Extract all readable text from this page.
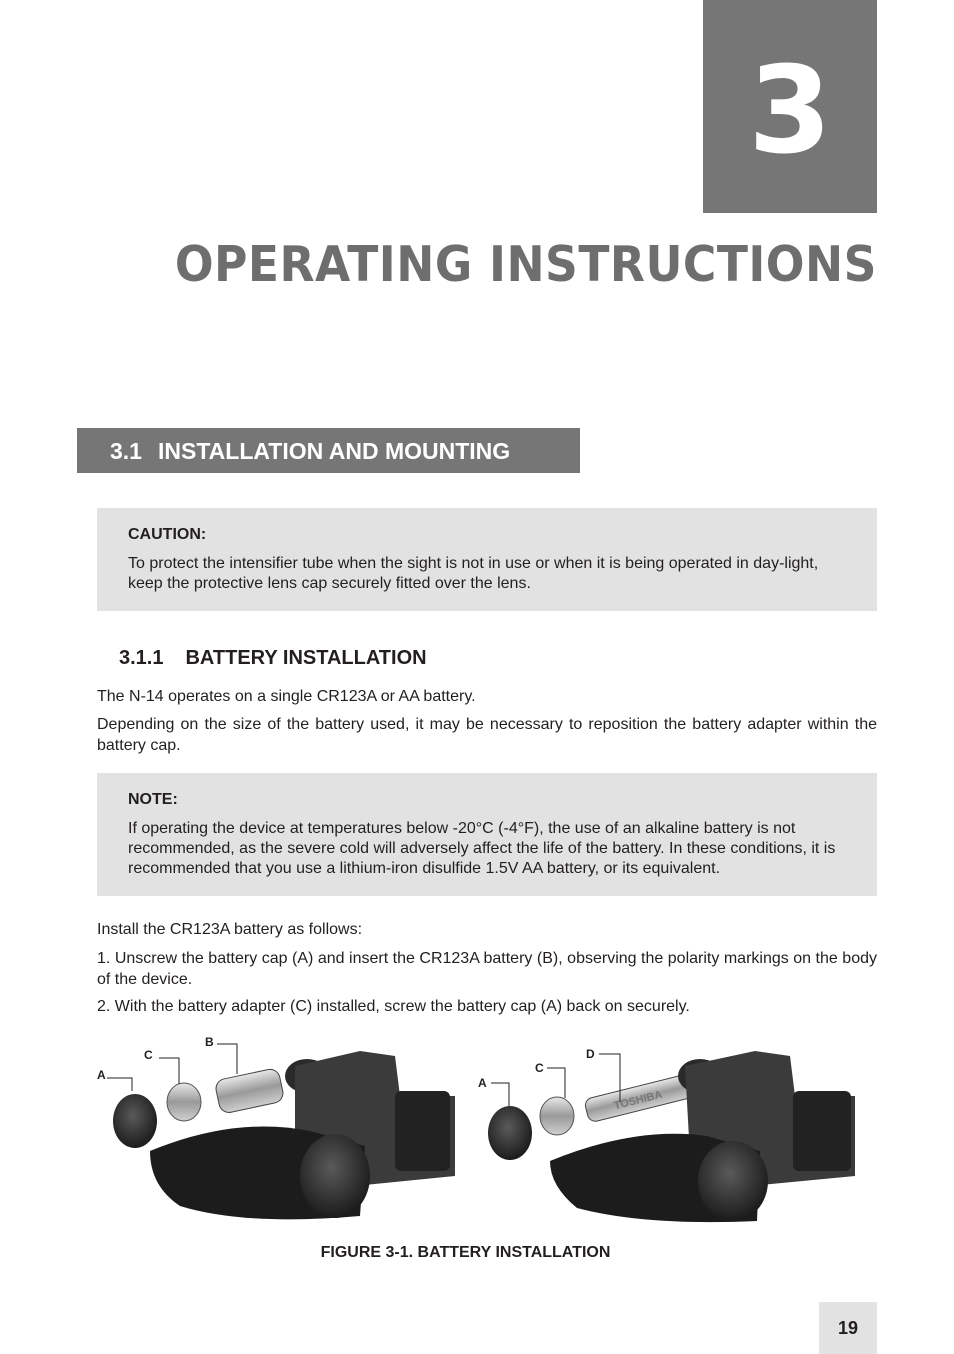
3
OPERATING INSTRUCTIONS
3.1 INSTALLATION AND MOUNTING
CAUTION:
To protect the intensifier tube when the sight is not in use or when it is being operated in day-light, keep the protective lens cap securely fitted over the lens.
3.1.1 BATTERY INSTALLATION
The N-14 operates on a single CR123A or AA battery.
Depending on the size of the battery used, it may be necessary to reposition the battery adapter within the battery cap.
NOTE:
If operating the device at temperatures below -20°C (-4°F), the use of an alkaline battery is not recommended, as the severe cold will adversely affect the life of the battery. In these conditions, it is recommended that you use a lithium-iron disulfide 1.5V AA battery, or its equivalent.
Install the CR123A battery as follows:
1. Unscrew the battery cap (A) and insert the CR123A battery (B), observing the polarity markings on the body of the device.
2. With the battery adapter (C) installed, screw the battery cap (A) back on securely.
A
C
B
TOSHIBA
A
C
D
FIGURE 3-1. BATTERY INSTALLATION
19
